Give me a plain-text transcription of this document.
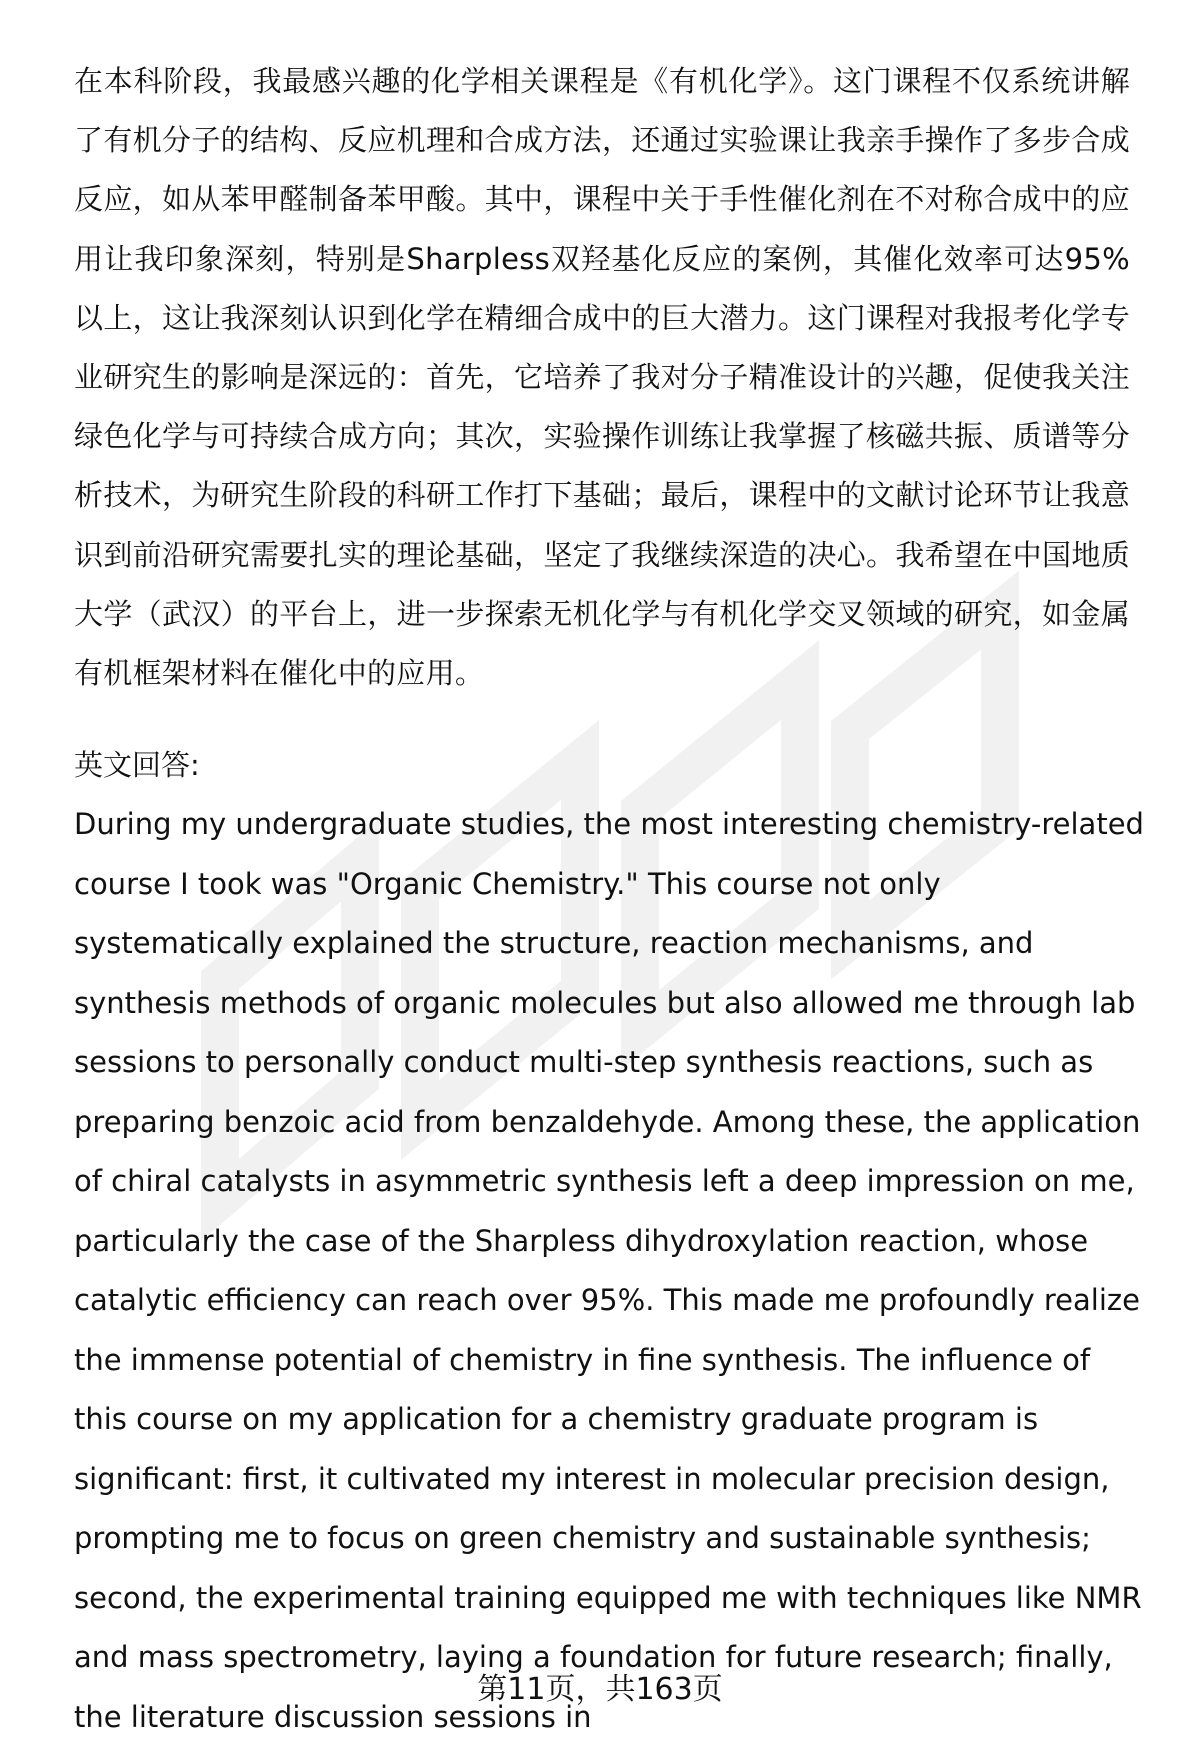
在本科阶段，我最感兴趣的化学相关课程是《有机化学》。这门课程不仅系统讲解了有机分子的结构、反应机理和合成方法，还通过实验课让我亲手操作了多步合成反应，如从苯甲醛制备苯甲酸。其中，课程中关于手性催化剂在不对称合成中的应用让我印象深刻，特别是Sharpless双羟基化反应的案例，其催化效率可达95%以上，这让我深刻认识到化学在精细合成中的巨大潜力。这门课程对我报考化学专业研究生的影响是深远的：首先，它培养了我对分子精准设计的兴趣，促使我关注绿色化学与可持续合成方向；其次，实验操作训练让我掌握了核磁共振、质谱等分析技术，为研究生阶段的科研工作打下基础；最后，课程中的文献讨论环节让我意识到前沿研究需要扎实的理论基础，坚定了我继续深造的决心。我希望在中国地质大学（武汉）的平台上，进一步探索无机化学与有机化学交叉领域的研究，如金属有机框架材料在催化中的应用。

英文回答:

During my undergraduate studies, the most interesting chemistry-related course I took was "Organic Chemistry." This course not only systematically explained the structure, reaction mechanisms, and synthesis methods of organic molecules but also allowed me through lab sessions to personally conduct multi-step synthesis reactions, such as preparing benzoic acid from benzaldehyde. Among these, the application of chiral catalysts in asymmetric synthesis left a deep impression on me, particularly the case of the Sharpless dihydroxylation reaction, whose catalytic efficiency can reach over 95%. This made me profoundly realize the immense potential of chemistry in fine synthesis. The influence of this course on my application for a chemistry graduate program is significant: first, it cultivated my interest in molecular precision design, prompting me to focus on green chemistry and sustainable synthesis; second, the experimental training equipped me with techniques like NMR and mass spectrometry, laying a foundation for future research; finally, the literature discussion sessions in

第11页，共163页
